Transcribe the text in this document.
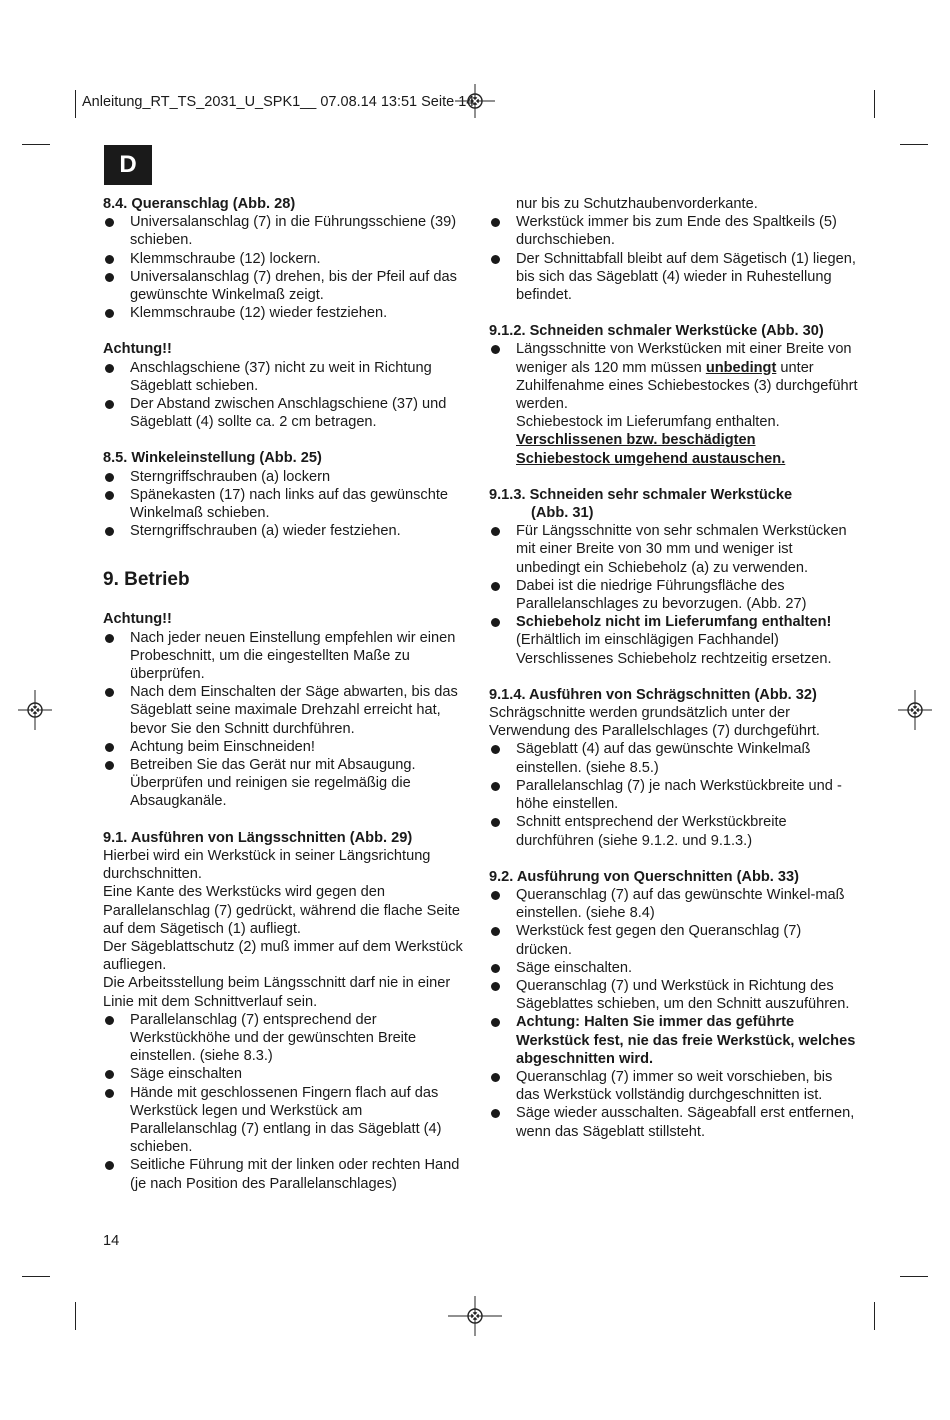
Anleitung_RT_TS_2031_U_SPK1__ 07.08.14 13:51 Seite 14
D
8.4. Queranschlag (Abb. 28)
Universalanschlag (7) in die Führungsschiene (39) schieben.
Klemmschraube (12) lockern.
Universalanschlag (7) drehen, bis der Pfeil auf das gewünschte Winkelmaß zeigt.
Klemmschraube (12) wieder festziehen.
Achtung!!
Anschlagschiene (37) nicht zu weit in Richtung Sägeblatt schieben.
Der Abstand zwischen Anschlagschiene (37) und Sägeblatt (4) sollte ca. 2 cm betragen.
8.5. Winkeleinstellung (Abb. 25)
Sterngriffschrauben (a) lockern
Spänekasten (17) nach links auf das gewünschte Winkelmaß schieben.
Sterngriffschrauben (a) wieder festziehen.
9. Betrieb
Achtung!!
Nach jeder neuen Einstellung empfehlen wir einen Probeschnitt, um die eingestellten Maße zu überprüfen.
Nach dem Einschalten der Säge abwarten, bis das Sägeblatt seine maximale Drehzahl erreicht hat, bevor Sie den Schnitt durchführen.
Achtung beim Einschneiden!
Betreiben Sie das Gerät nur mit Absaugung. Überprüfen und reinigen sie regelmäßig die Absaugkanäle.
9.1. Ausführen von Längsschnitten (Abb. 29)
Hierbei wird ein Werkstück in seiner Längsrichtung durchschnitten.
Eine Kante des Werkstücks wird gegen den Parallelanschlag (7) gedrückt, während die flache Seite auf dem Sägetisch (1) aufliegt.
Der Sägeblattschutz (2) muß immer auf dem Werkstück aufliegen.
Die Arbeitsstellung beim Längsschnitt darf nie in einer Linie mit dem Schnittverlauf sein.
Parallelanschlag (7) entsprechend der Werkstückhöhe und der gewünschten Breite einstellen. (siehe 8.3.)
Säge einschalten
Hände mit geschlossenen Fingern flach auf das Werkstück legen und Werkstück am Parallelanschlag (7) entlang in das Sägeblatt (4) schieben.
Seitliche Führung mit der linken oder rechten Hand (je nach Position des Parallelanschlages)
nur bis zu Schutzhaubenvorderkante.
Werkstück immer bis zum Ende des Spaltkeils (5) durchschieben.
Der Schnittabfall bleibt auf dem Sägetisch (1) liegen, bis sich das Sägeblatt (4) wieder in Ruhestellung befindet.
9.1.2. Schneiden schmaler Werkstücke (Abb. 30)
Längsschnitte von Werkstücken mit einer Breite von weniger als 120 mm müssen unbedingt unter Zuhilfenahme eines Schiebestockes (3) durchgeführt werden.
Schiebestock im Lieferumfang enthalten.
Verschlissenen bzw. beschädigten
Schiebestock umgehend austauschen.
9.1.3. Schneiden sehr schmaler Werkstücke
(Abb. 31)
Für Längsschnitte von sehr schmalen Werkstücken mit einer Breite von 30 mm und weniger ist unbedingt ein Schiebeholz (a) zu verwenden.
Dabei ist die niedrige Führungsfläche des Parallelanschlages zu bevorzugen. (Abb. 27)
Schiebeholz nicht im Lieferumfang enthalten! (Erhältlich im einschlägigen Fachhandel) Verschlissenes Schiebeholz rechtzeitig ersetzen.
9.1.4. Ausführen von Schrägschnitten (Abb. 32)
Schrägschnitte werden grundsätzlich unter der Verwendung des Parallelschlages (7) durchgeführt.
Sägeblatt (4) auf das gewünschte Winkelmaß einstellen. (siehe 8.5.)
Parallelanschlag (7) je nach Werkstückbreite und -höhe einstellen.
Schnitt entsprechend der Werkstückbreite durchführen (siehe 9.1.2. und 9.1.3.)
9.2. Ausführung von Querschnitten (Abb. 33)
Queranschlag (7) auf das gewünschte Winkel-maß einstellen. (siehe 8.4)
Werkstück fest gegen den Queranschlag (7) drücken.
Säge einschalten.
Queranschlag (7) und Werkstück in Richtung des Sägeblattes schieben, um den Schnitt auszuführen.
Achtung: Halten Sie immer das geführte Werkstück fest, nie das freie Werkstück, welches abgeschnitten wird.
Queranschlag (7) immer so weit vorschieben, bis das Werkstück vollständig durchgeschnitten ist.
Säge wieder ausschalten. Sägeabfall erst entfernen, wenn das Sägeblatt stillsteht.
14
